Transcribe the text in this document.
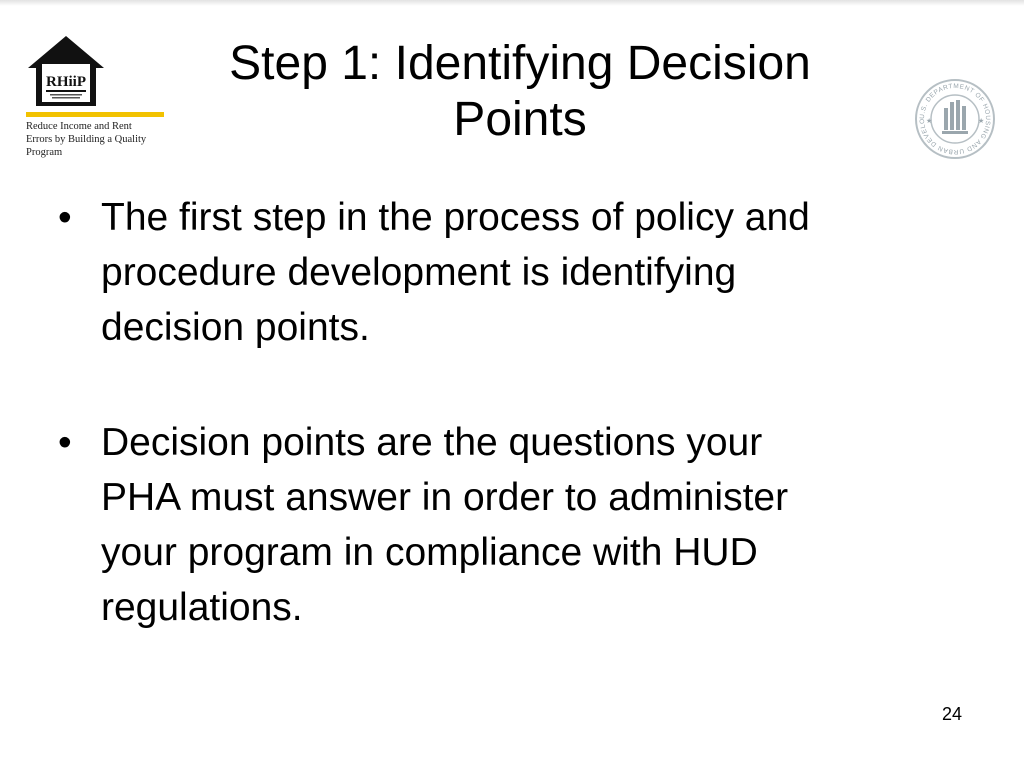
RHiiP
Reduce Income and Rent
Errors by Building a Quality
Program
U.S. DEPARTMENT OF HOUSING AND URBAN DEVELO ★	★
Step 1: Identifying Decision
Points
• The first step in the process of policy and
procedure development is identifying
decision points.
• Decision points are the questions your
PHA must answer in order to administer
your program in compliance with HUD
regulations.
24
